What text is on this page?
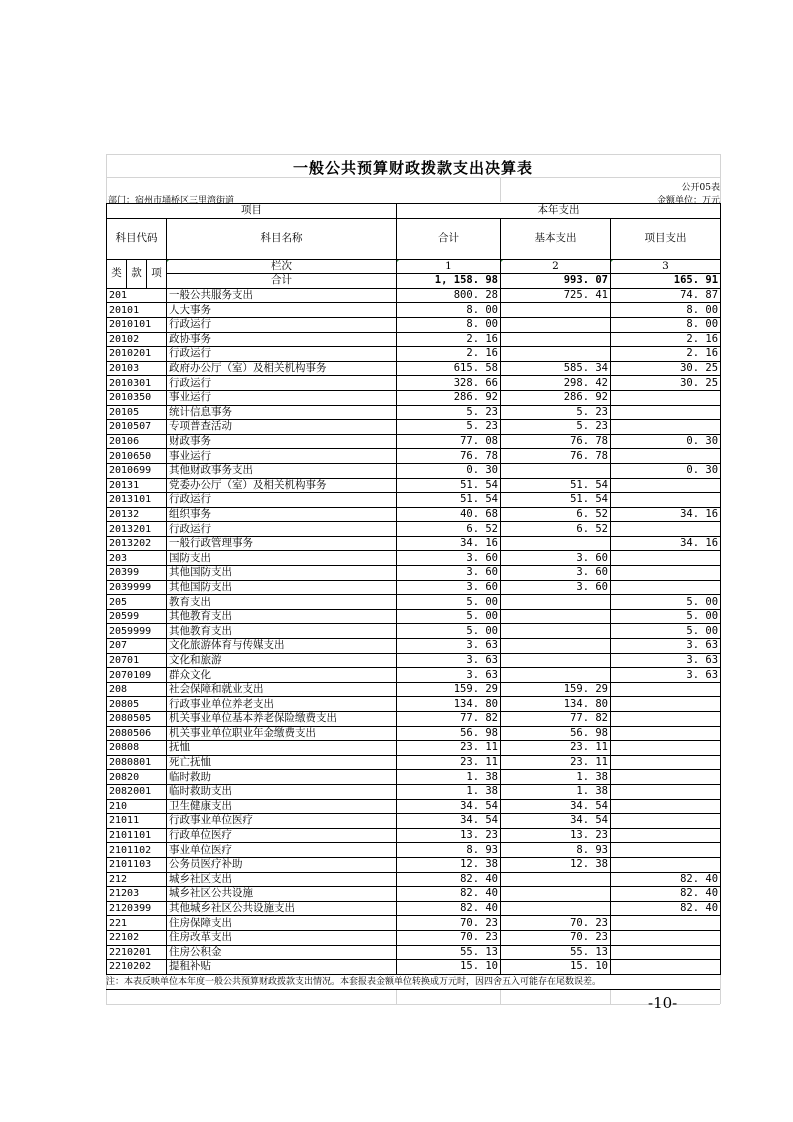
一般公共预算财政拨款支出决算表
公开05表
部门：宿州市埇桥区三里湾街道	金额单位：万元
项目				本年支出		
科目代码			科目名称	合计	基本支出	项目支出
类	款	项	栏次	1	2	3
			合计	1, 158. 98	993. 07	165. 91
201			一般公共服务支出	800. 28	725. 41	74. 87
20101			人大事务	8. 00		8. 00
2010101			行政运行	8. 00		8. 00
20102			政协事务	2. 16		2. 16
2010201			行政运行	2. 16		2. 16
20103			政府办公厅（室）及相关机构事务	615. 58	585. 34	30. 25
2010301			行政运行	328. 66	298. 42	30. 25
2010350			事业运行	286. 92	286. 92	
20105			统计信息事务	5. 23	5. 23	
2010507			专项普查活动	5. 23	5. 23	
20106			财政事务	77. 08	76. 78	0. 30
2010650			事业运行	76. 78	76. 78	
2010699			其他财政事务支出	0. 30		0. 30
20131			党委办公厅（室）及相关机构事务	51. 54	51. 54	
2013101			行政运行	51. 54	51. 54	
20132			组织事务	40. 68	6. 52	34. 16
2013201			行政运行	6. 52	6. 52	
2013202			一般行政管理事务	34. 16		34. 16
203			国防支出	3. 60	3. 60	
20399			其他国防支出	3. 60	3. 60	
2039999			其他国防支出	3. 60	3. 60	
205			教育支出	5. 00		5. 00
20599			其他教育支出	5. 00		5. 00
2059999			其他教育支出	5. 00		5. 00
207			文化旅游体育与传媒支出	3. 63		3. 63
20701			文化和旅游	3. 63		3. 63
2070109			群众文化	3. 63		3. 63
208			社会保障和就业支出	159. 29	159. 29	
20805			行政事业单位养老支出	134. 80	134. 80	
2080505			机关事业单位基本养老保险缴费支出	77. 82	77. 82	
2080506			机关事业单位职业年金缴费支出	56. 98	56. 98	
20808			抚恤	23. 11	23. 11	
2080801			死亡抚恤	23. 11	23. 11	
20820			临时救助	1. 38	1. 38	
2082001			临时救助支出	1. 38	1. 38	
210			卫生健康支出	34. 54	34. 54	
21011			行政事业单位医疗	34. 54	34. 54	
2101101			行政单位医疗	13. 23	13. 23	
2101102			事业单位医疗	8. 93	8. 93	
2101103			公务员医疗补助	12. 38	12. 38	
212			城乡社区支出	82. 40		82. 40
21203			城乡社区公共设施	82. 40		82. 40
2120399			其他城乡社区公共设施支出	82. 40		82. 40
221			住房保障支出	70. 23	70. 23	
22102			住房改革支出	70. 23	70. 23	
2210201			住房公积金	55. 13	55. 13	
2210202			提租补贴	15. 10	15. 10	
注：本表反映单位本年度一般公共预算财政拨款支出情况。本套报表金额单位转换成万元时，因四舍五入可能存在尾数误差。
-10-
